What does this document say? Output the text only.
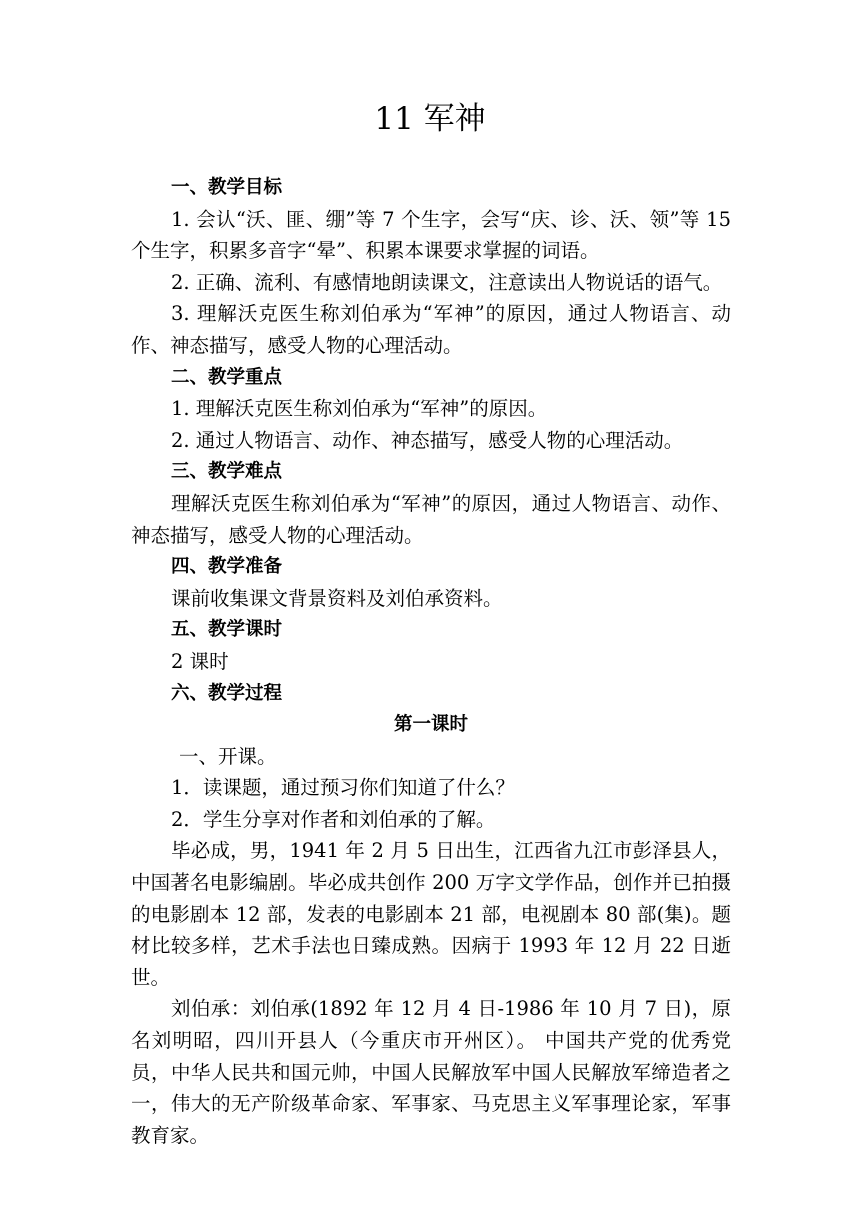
11 军神

一、教学目标

1. 会认“沃、匪、绷”等 7 个生字，会写“庆、诊、沃、领”等 15 个生字，积累多音字“晕”、积累本课要求掌握的词语。

2. 正确、流利、有感情地朗读课文，注意读出人物说话的语气。

3. 理解沃克医生称刘伯承为“军神”的原因，通过人物语言、动作、神态描写，感受人物的心理活动。

二、教学重点

1. 理解沃克医生称刘伯承为“军神”的原因。

2. 通过人物语言、动作、神态描写，感受人物的心理活动。

三、教学难点

理解沃克医生称刘伯承为“军神”的原因，通过人物语言、动作、神态描写，感受人物的心理活动。

四、教学准备

课前收集课文背景资料及刘伯承资料。

五、教学课时

2 课时

六、教学过程

第一课时

一、开课。

1．读课题，通过预习你们知道了什么？

2．学生分享对作者和刘伯承的了解。

毕必成，男，1941 年 2 月 5 日出生，江西省九江市彭泽县人，中国著名电影编剧。毕必成共创作 200 万字文学作品，创作并已拍摄的电影剧本 12 部，发表的电影剧本 21 部，电视剧本 80 部(集)。题材比较多样，艺术手法也日臻成熟。因病于 1993 年 12 月 22 日逝世。

刘伯承：刘伯承(1892 年 12 月 4 日-1986 年 10 月 7 日)，原名刘明昭，四川开县人（今重庆市开州区）。 中国共产党的优秀党员，中华人民共和国元帅，中国人民解放军中国人民解放军缔造者之一，伟大的无产阶级革命家、军事家、马克思主义军事理论家，军事教育家。
